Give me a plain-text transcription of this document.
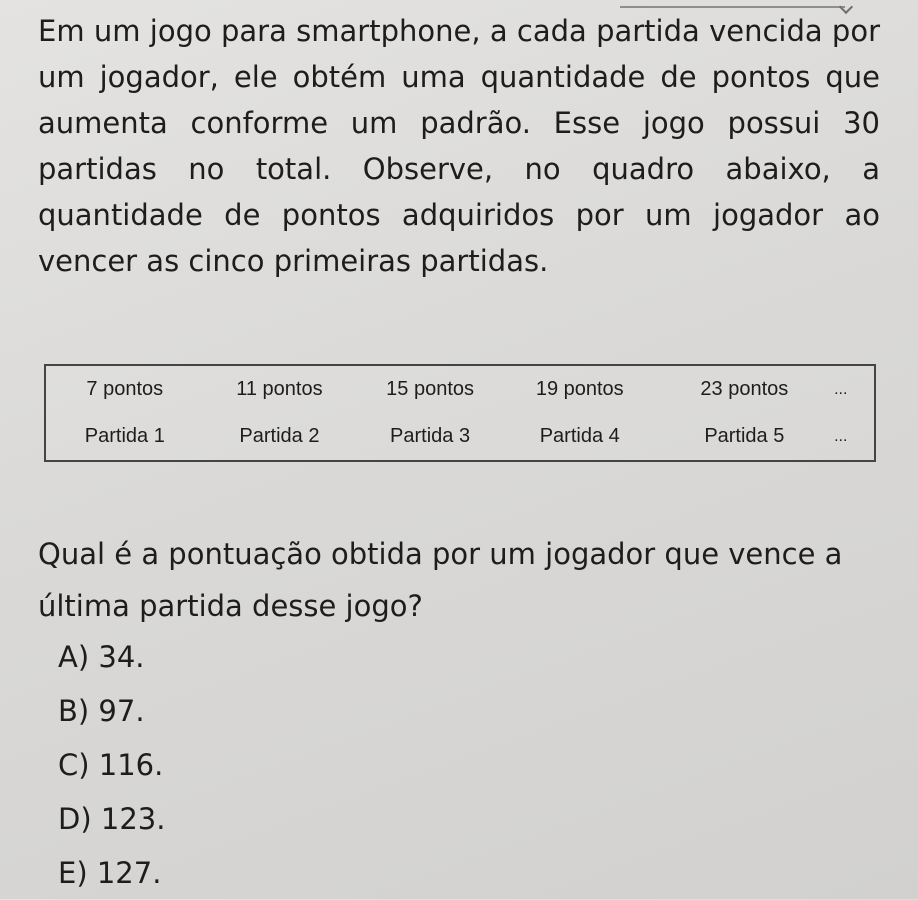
Em um jogo para smartphone, a cada partida vencida por um jogador, ele obtém uma quantidade de pontos que aumenta conforme um padrão. Esse jogo possui 30 partidas no total. Observe, no quadro abaixo, a quantidade de pontos adquiridos por um jogador ao vencer as cinco primeiras partidas.

7 pontos	11 pontos	15 pontos	19 pontos	23 pontos	...
Partida 1	Partida 2	Partida 3	Partida 4	Partida 5	...

Qual é a pontuação obtida por um jogador que vence a última partida desse jogo?

A) 34.
B) 97.
C) 116.
D) 123.
E) 127.
